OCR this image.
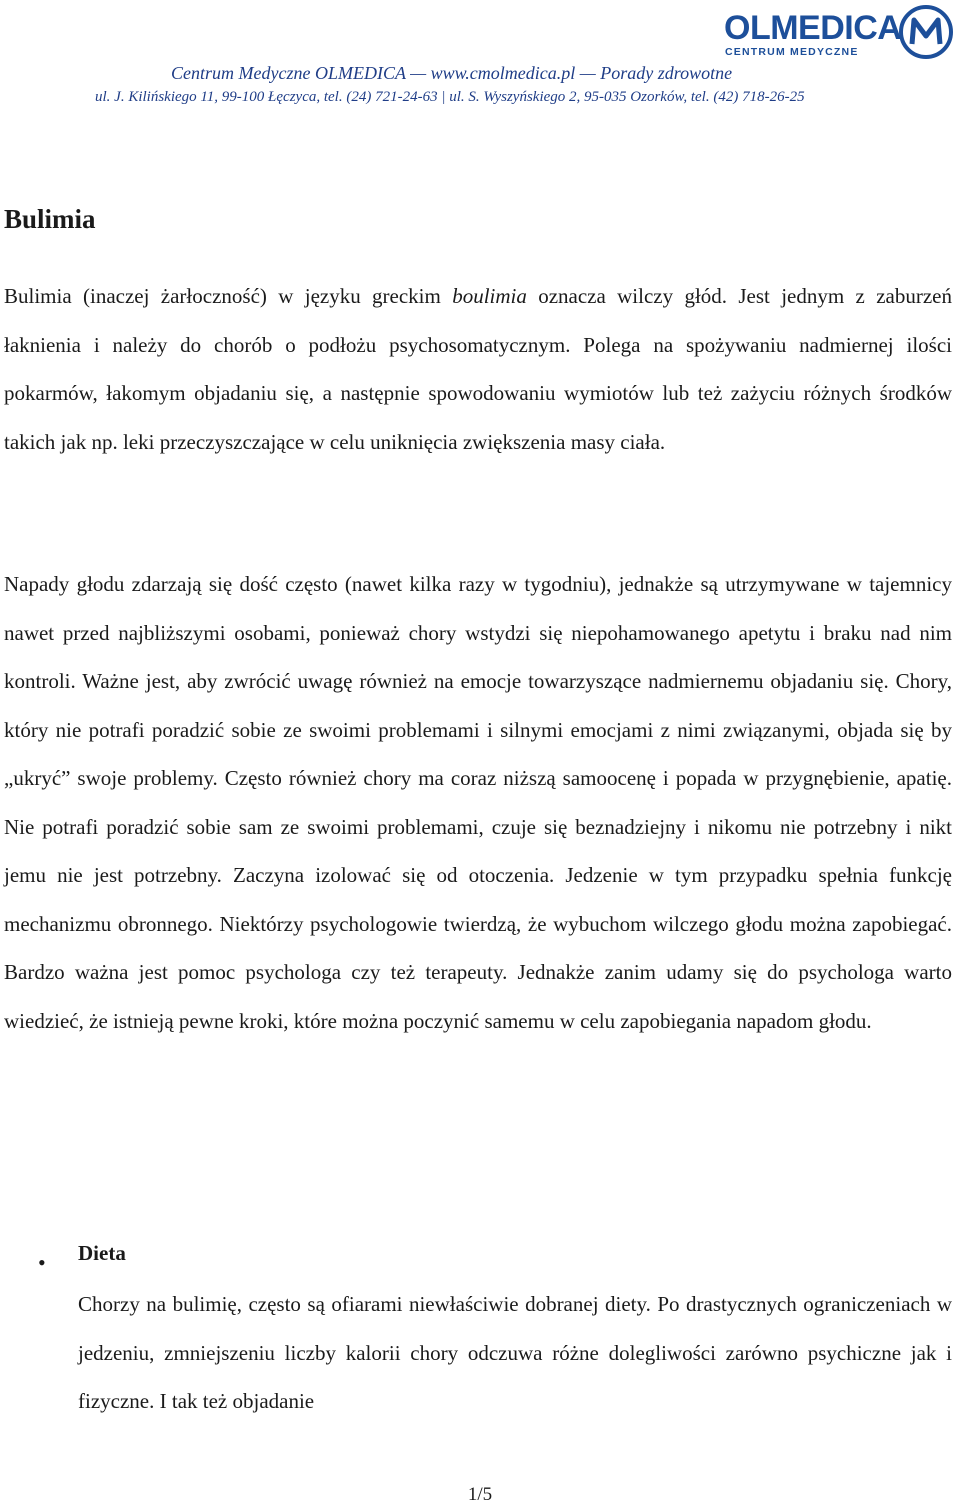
Centrum Medyczne OLMEDICA — www.cmolmedica.pl — Porady zdrowotne
ul. J. Kilińskiego 11, 99-100 Łęczyca, tel. (24) 721-24-63 | ul. S. Wyszyńskiego 2, 95-035 Ozorków, tel. (42) 718-26-25
OLMEDICA
CENTRUM MEDYCZNE
Bulimia

Bulimia (inaczej żarłoczność) w języku greckim boulimia oznacza wilczy głód. Jest jednym z zaburzeń łaknienia i należy do chorób o podłożu psychosomatycznym. Polega na spożywaniu nadmiernej ilości pokarmów, łakomym objadaniu się, a następnie spowodowaniu wymiotów lub też zażyciu różnych środków takich jak np. leki przeczyszczające w celu uniknięcia zwiększenia masy ciała.

Napady głodu zdarzają się dość często (nawet kilka razy w tygodniu), jednakże są utrzymywane w tajemnicy nawet przed najbliższymi osobami, ponieważ chory wstydzi się niepohamowanego apetytu i braku nad nim kontroli. Ważne jest, aby zwrócić uwagę również na emocje towarzyszące nadmiernemu objadaniu się. Chory, który nie potrafi poradzić sobie ze swoimi problemami i silnymi emocjami z nimi związanymi, objada się by „ukryć” swoje problemy. Często również chory ma coraz niższą samoocenę i popada w przygnębienie, apatię. Nie potrafi poradzić sobie sam ze swoimi problemami, czuje się beznadziejny i nikomu nie potrzebny i nikt jemu nie jest potrzebny. Zaczyna izolować się od otoczenia. Jedzenie w tym przypadku spełnia funkcję mechanizmu obronnego. Niektórzy psychologowie twierdzą, że wybuchom wilczego głodu można zapobiegać. Bardzo ważna jest pomoc psychologa czy też terapeuty. Jednakże zanim udamy się do psychologa warto wiedzieć, że istnieją pewne kroki, które można poczynić samemu w celu zapobiegania napadom głodu.

• Dieta

Chorzy na bulimię, często są ofiarami niewłaściwie dobranej diety. Po drastycznych ograniczeniach w jedzeniu, zmniejszeniu liczby kalorii chory odczuwa różne dolegliwości zarówno psychiczne jak i fizyczne. I tak też objadanie

1/5
